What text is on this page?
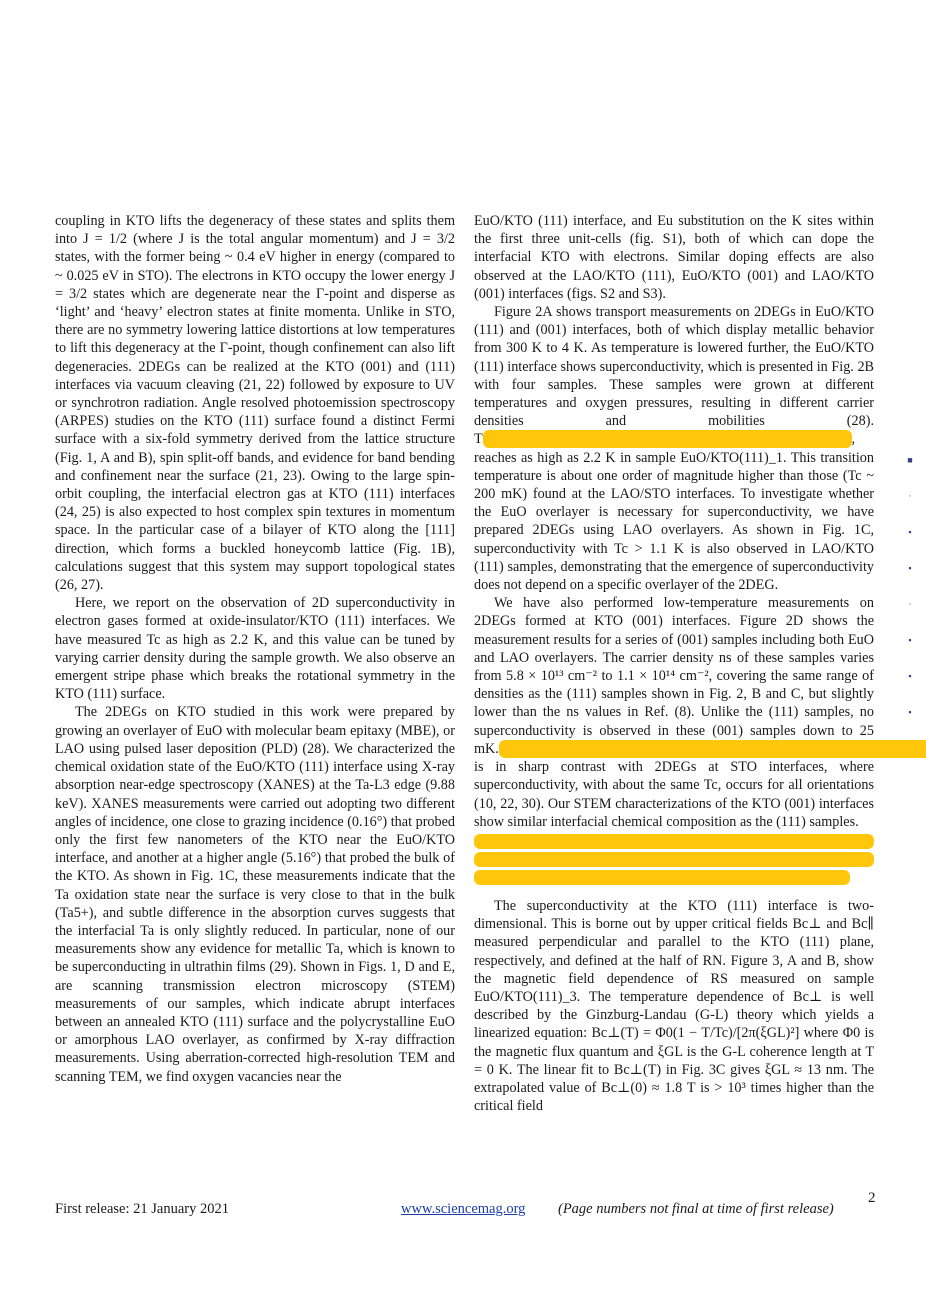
coupling in KTO lifts the degeneracy of these states and splits them into J = 1/2 (where J is the total angular momentum) and J = 3/2 states, with the former being ~ 0.4 eV higher in energy (compared to ~ 0.025 eV in STO). The electrons in KTO occupy the lower energy J = 3/2 states which are degenerate near the Γ-point and disperse as ‘light’ and ‘heavy’ electron states at finite momenta. Unlike in STO, there are no symmetry lowering lattice distortions at low temperatures to lift this degeneracy at the Γ-point, though confinement can also lift degeneracies. 2DEGs can be realized at the KTO (001) and (111) interfaces via vacuum cleaving (21, 22) followed by exposure to UV or synchrotron radiation. Angle resolved photoemission spectroscopy (ARPES) studies on the KTO (111) surface found a distinct Fermi surface with a six-fold symmetry derived from the lattice structure (Fig. 1, A and B), spin split-off bands, and evidence for band bending and confinement near the surface (21, 23). Owing to the large spin-orbit coupling, the interfacial electron gas at KTO (111) interfaces (24, 25) is also expected to host complex spin textures in momentum space. In the particular case of a bilayer of KTO along the [111] direction, which forms a buckled honeycomb lattice (Fig. 1B), calculations suggest that this system may support topological states (26, 27).

Here, we report on the observation of 2D superconductivity in electron gases formed at oxide-insulator/KTO (111) interfaces. We have measured Tc as high as 2.2 K, and this value can be tuned by varying carrier density during the sample growth. We also observe an emergent stripe phase which breaks the rotational symmetry in the KTO (111) surface.

The 2DEGs on KTO studied in this work were prepared by growing an overlayer of EuO with molecular beam epitaxy (MBE), or LAO using pulsed laser deposition (PLD) (28). We characterized the chemical oxidation state of the EuO/KTO (111) interface using X-ray absorption near-edge spectroscopy (XANES) at the Ta-L3 edge (9.88 keV). XANES measurements were carried out adopting two different angles of incidence, one close to grazing incidence (0.16°) that probed only the first few nanometers of the KTO near the EuO/KTO interface, and another at a higher angle (5.16°) that probed the bulk of the KTO. As shown in Fig. 1C, these measurements indicate that the Ta oxidation state near the surface is very close to that in the bulk (Ta5+), and subtle difference in the absorption curves suggests that the interfacial Ta is only slightly reduced. In particular, none of our measurements show any evidence for metallic Ta, which is known to be superconducting in ultrathin films (29). Shown in Figs. 1, D and E, are scanning transmission electron microscopy (STEM) measurements of our samples, which indicate abrupt interfaces between an annealed KTO (111) surface and the polycrystalline EuO or amorphous LAO overlayer, as confirmed by X-ray diffraction measurements. Using aberration-corrected high-resolution TEM and scanning TEM, we find oxygen vacancies near the

EuO/KTO (111) interface, and Eu substitution on the K sites within the first three unit-cells (fig. S1), both of which can dope the interfacial KTO with electrons. Similar doping effects are also observed at the LAO/KTO (111), EuO/KTO (001) and LAO/KTO (001) interfaces (figs. S2 and S3).

Figure 2A shows transport measurements on 2DEGs in EuO/KTO (111) and (001) interfaces, both of which display metallic behavior from 300 K to 4 K. As temperature is lowered further, the EuO/KTO (111) interface shows superconductivity, which is presented in Fig. 2B with four samples. These samples were grown at different temperatures and oxygen pressures, resulting in different carrier densities and mobilities (28). T                                                    	, reaches as high as 2.2 K in sample EuO/KTO(111)_1. This transition temperature is about one order of magnitude higher than those (Tc ~ 200 mK) found at the LAO/STO interfaces. To investigate whether the EuO overlayer is necessary for superconductivity, we have prepared 2DEGs using LAO overlayers. As shown in Fig. 1C, superconductivity with Tc > 1.1 K is also observed in LAO/KTO (111) samples, demonstrating that the emergence of superconductivity does not depend on a specific overlayer of the 2DEG.

We have also performed low-temperature measurements on 2DEGs formed at KTO (001) interfaces. Figure 2D shows the measurement results for a series of (001) samples including both EuO and LAO overlayers. The carrier density ns of these samples varies from 5.8 × 10¹³ cm⁻² to 1.1 × 10¹⁴ cm⁻², covering the same range of densities as the (111) samples shown in Fig. 2, B and C, but slightly lower than the ns values in Ref. (8). Unlike the (111) samples, no superconductivity is observed in these (001) samples down to 25 mK.                                                              is in sharp contrast with 2DEGs at STO interfaces, where superconductivity, with about the same Tc, occurs for all orientations (10, 22, 30). Our STEM characterizations of the KTO (001) interfaces show similar interfacial chemical composition as the (111) samples.

The superconductivity at the KTO (111) interface is two-dimensional. This is borne out by upper critical fields Bc⊥ and Bc∥ measured perpendicular and parallel to the KTO (111) plane, respectively, and defined at the half of RN. Figure 3, A and B, show the magnetic field dependence of RS measured on sample EuO/KTO(111)_3. The temperature dependence of Bc⊥ is well described by the Ginzburg-Landau (G-L) theory which yields a linearized equation: Bc⊥(T) = Φ0(1 − T/Tc)/[2π(ξGL)²] where Φ0 is the magnetic flux quantum and ξGL is the G-L coherence length at T = 0 K. The linear fit to Bc⊥(T) in Fig. 3C gives ξGL ≈ 13 nm. The extrapolated value of Bc⊥(0) ≈ 1.8 T is > 10³ times higher than the critical field

■
·
▪
▪
·
▪
▪
▪
First release: 21 January 2021	www.sciencemag.org (Page numbers not final at time of first release)
2
